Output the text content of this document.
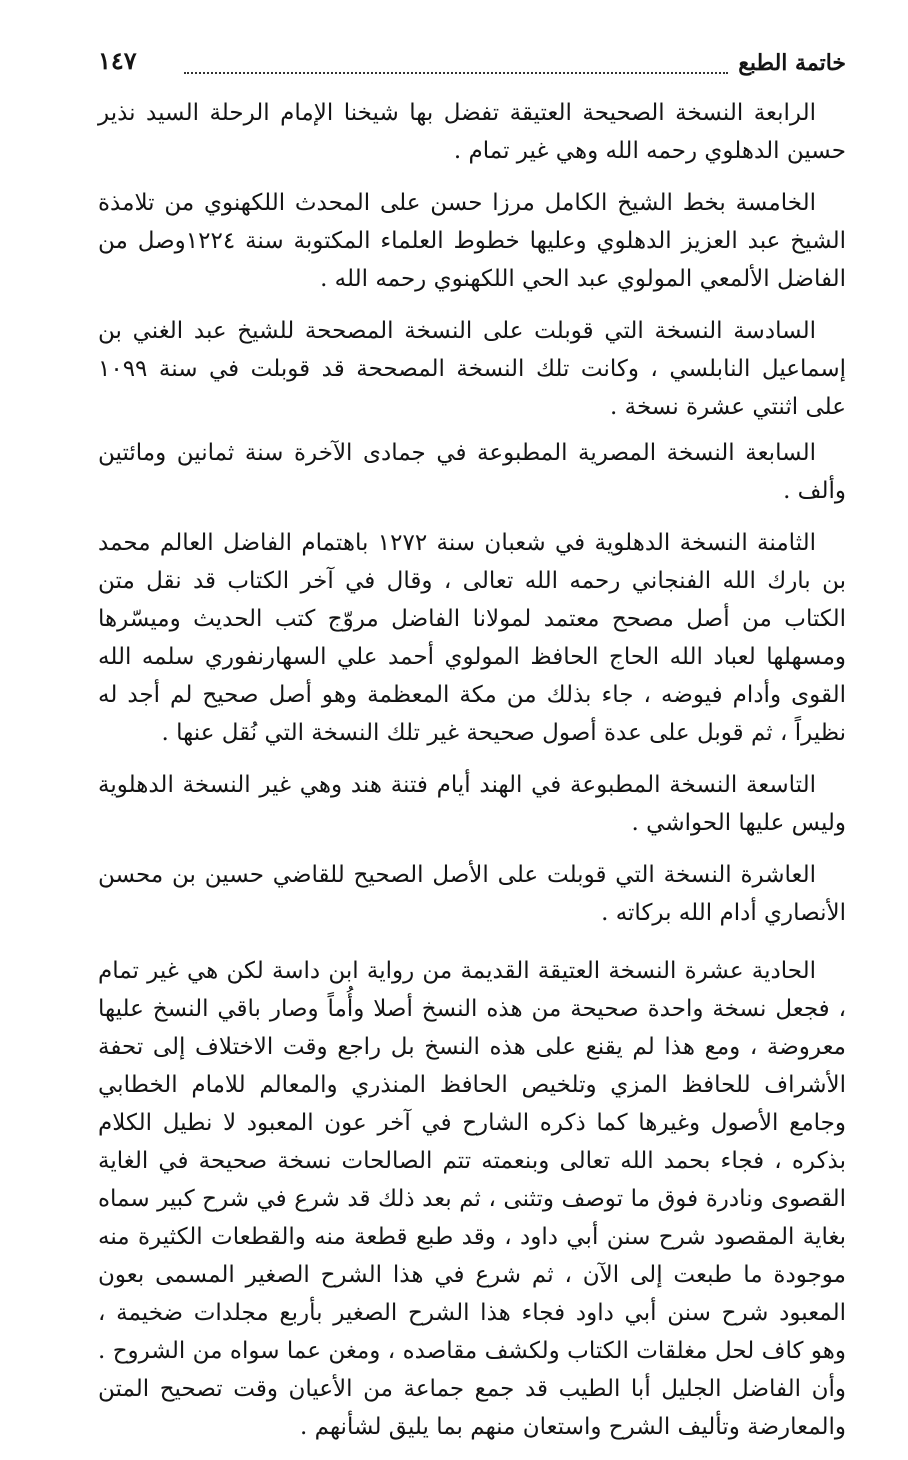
خاتمة الطبع
١٤٧

الرابعة النسخة الصحيحة العتيقة تفضل بها شيخنا الإمام الرحلة السيد نذير حسين الدهلوي رحمه الله وهي غير تمام .

الخامسة بخط الشيخ الكامل مرزا حسن على المحدث اللكهنوي من تلامذة الشيخ عبد العزيز الدهلوي وعليها خطوط العلماء المكتوبة سنة ١٢٢٤وصل من الفاضل الألمعي المولوي عبد الحي اللكهنوي رحمه الله .

السادسة النسخة التي قوبلت على النسخة المصححة للشيخ عبد الغني بن إسماعيل النابلسي ، وكانت تلك النسخة المصححة قد قوبلت في سنة ١٠٩٩ على اثنتي عشرة نسخة .

السابعة النسخة المصرية المطبوعة في جمادى الآخرة سنة ثمانين ومائتين وألف .

الثامنة النسخة الدهلوية في شعبان سنة ١٢٧٢ باهتمام الفاضل العالم محمد بن بارك الله الفنجاني رحمه الله تعالى ، وقال في آخر الكتاب قد نقل متن الكتاب من أصل مصحح معتمد لمولانا الفاضل مروّج كتب الحديث وميسّرها ومسهلها لعباد الله الحاج الحافظ المولوي أحمد علي السهارنفوري سلمه الله القوى وأدام فيوضه ، جاء بذلك من مكة المعظمة وهو أصل صحيح لم أجد له نظيراً ، ثم قوبل على عدة أصول صحيحة غير تلك النسخة التي نُقل عنها .

التاسعة النسخة المطبوعة في الهند أيام فتنة هند وهي غير النسخة الدهلوية وليس عليها الحواشي .

العاشرة النسخة التي قوبلت على الأصل الصحيح للقاضي حسين بن محسن الأنصاري أدام الله بركاته .

الحادية عشرة النسخة العتيقة القديمة من رواية ابن داسة لكن هي غير تمام ، فجعل نسخة واحدة صحيحة من هذه النسخ أصلا وأُماً وصار باقي النسخ عليها معروضة ، ومع هذا لم يقنع على هذه النسخ بل راجع وقت الاختلاف إلى تحفة الأشراف للحافظ المزي وتلخيص الحافظ المنذري والمعالم للامام الخطابي وجامع الأصول وغيرها كما ذكره الشارح في آخر عون المعبود لا نطيل الكلام بذكره ، فجاء بحمد الله تعالى وبنعمته تتم الصالحات نسخة صحيحة في الغاية القصوى ونادرة فوق ما توصف وتثنى ، ثم بعد ذلك قد شرع في شرح كبير سماه بغاية المقصود شرح سنن أبي داود ، وقد طبع قطعة منه والقطعات الكثيرة منه موجودة ما طبعت إلى الآن ، ثم شرع في هذا الشرح الصغير المسمى بعون المعبود شرح سنن أبي داود فجاء هذا الشرح الصغير بأربع مجلدات ضخيمة ، وهو كاف لحل مغلقات الكتاب ولكشف مقاصده ، ومغن عما سواه من الشروح . وأن الفاضل الجليل أبا الطيب قد جمع جماعة من الأعيان وقت تصحيح المتن والمعارضة وتأليف الشرح واستعان منهم بما يليق لشأنهم .
